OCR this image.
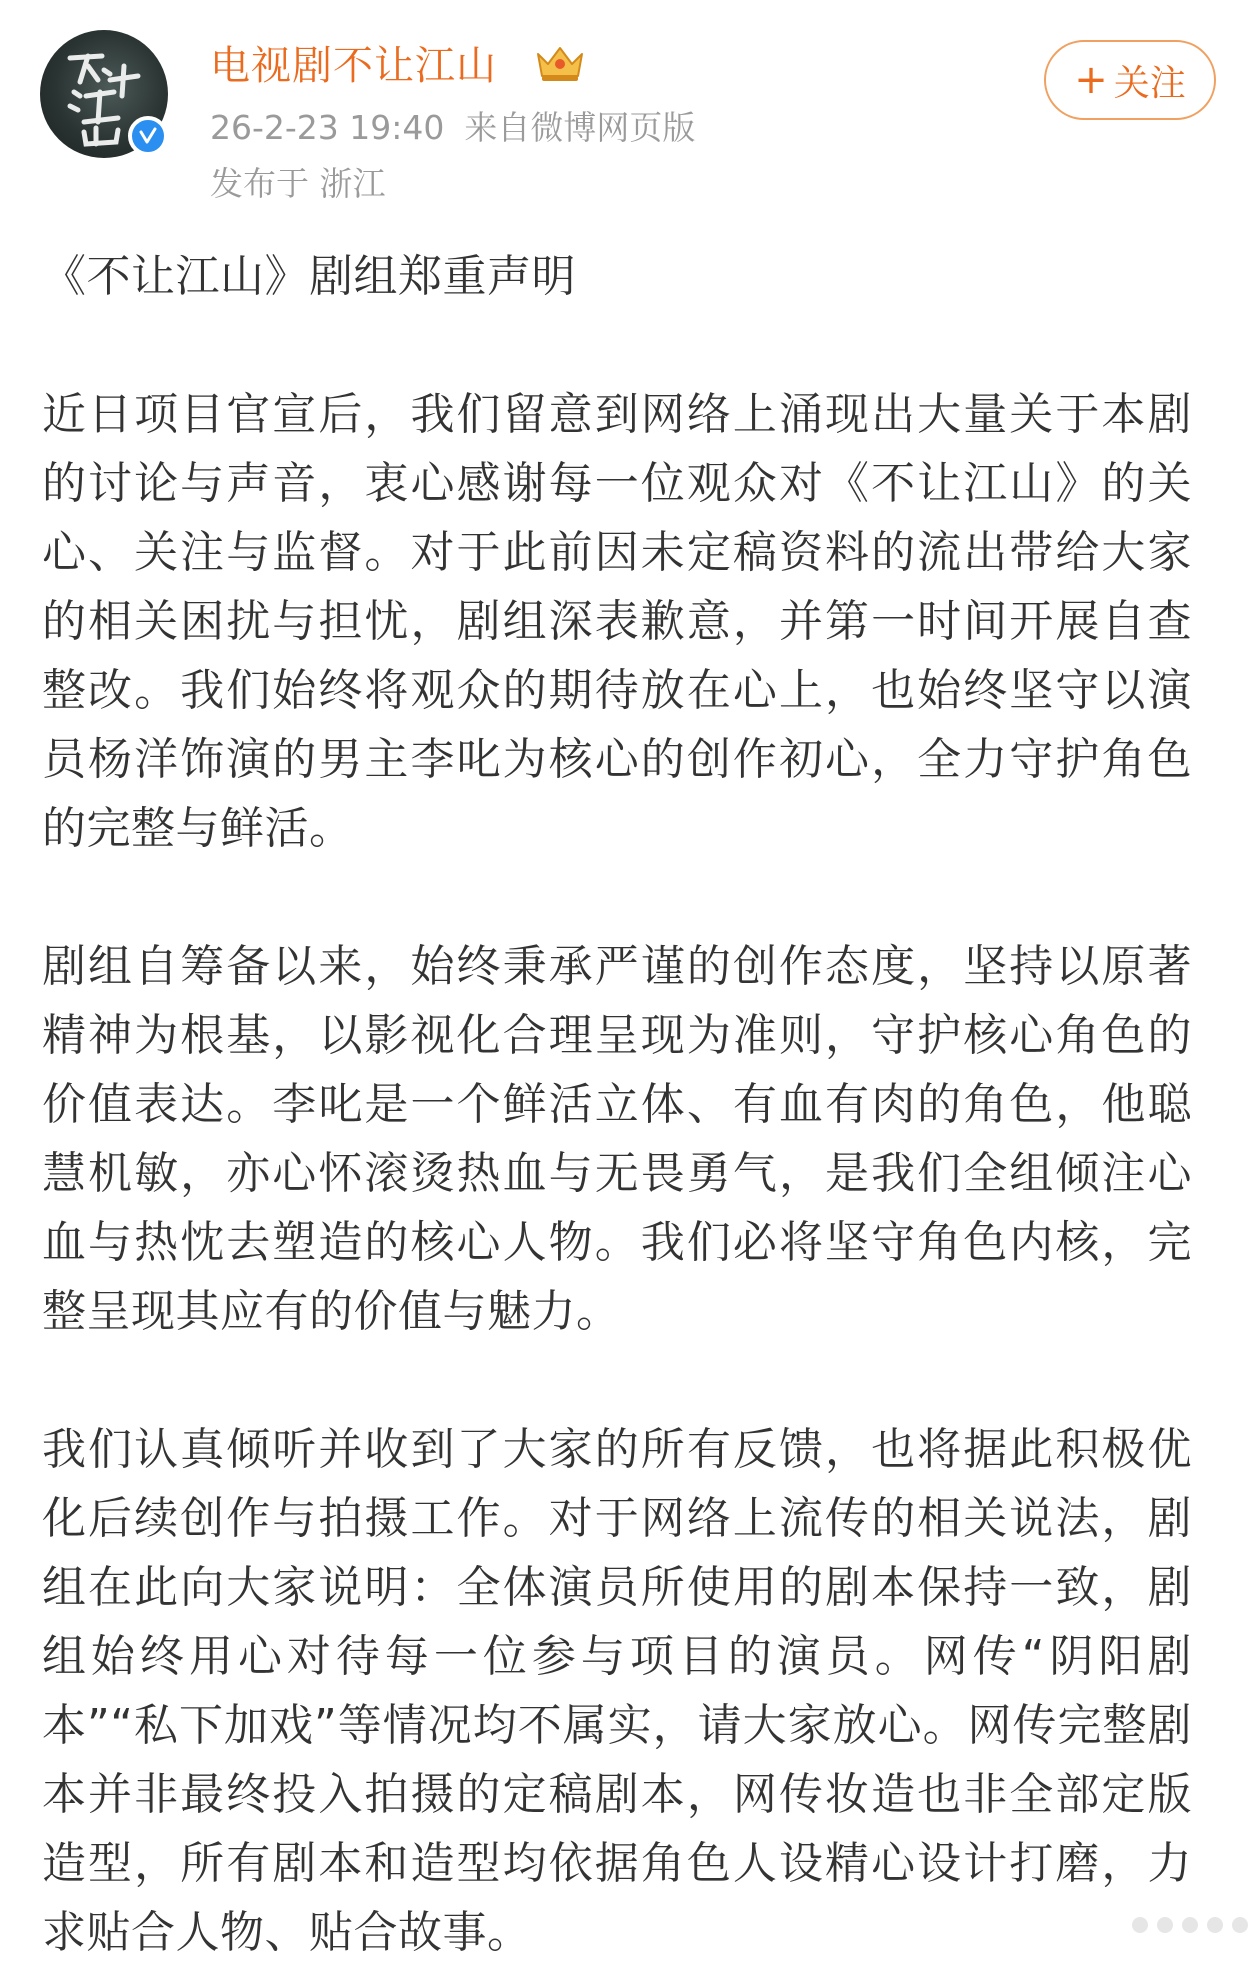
电视剧不让江山
26-2-23 19:40 来自微博网页版
发布于 浙江
+ 关注

《不让江山》剧组郑重声明

近日项目官宣后，我们留意到网络上涌现出大量关于本剧的讨论与声音，衷心感谢每一位观众对《不让江山》的关心、关注与监督。对于此前因未定稿资料的流出带给大家的相关困扰与担忧，剧组深表歉意，并第一时间开展自查整改。我们始终将观众的期待放在心上，也始终坚守以演员杨洋饰演的男主李叱为核心的创作初心，全力守护角色的完整与鲜活。

剧组自筹备以来，始终秉承严谨的创作态度，坚持以原著精神为根基，以影视化合理呈现为准则，守护核心角色的价值表达。李叱是一个鲜活立体、有血有肉的角色，他聪慧机敏，亦心怀滚烫热血与无畏勇气，是我们全组倾注心血与热忱去塑造的核心人物。我们必将坚守角色内核，完整呈现其应有的价值与魅力。

我们认真倾听并收到了大家的所有反馈，也将据此积极优化后续创作与拍摄工作。对于网络上流传的相关说法，剧组在此向大家说明：全体演员所使用的剧本保持一致，剧组始终用心对待每一位参与项目的演员。网传“阴阳剧本”“私下加戏”等情况均不属实，请大家放心。网传完整剧本并非最终投入拍摄的定稿剧本，网传妆造也非全部定版造型，所有剧本和造型均依据角色人设精心设计打磨，力求贴合人物、贴合故事。
